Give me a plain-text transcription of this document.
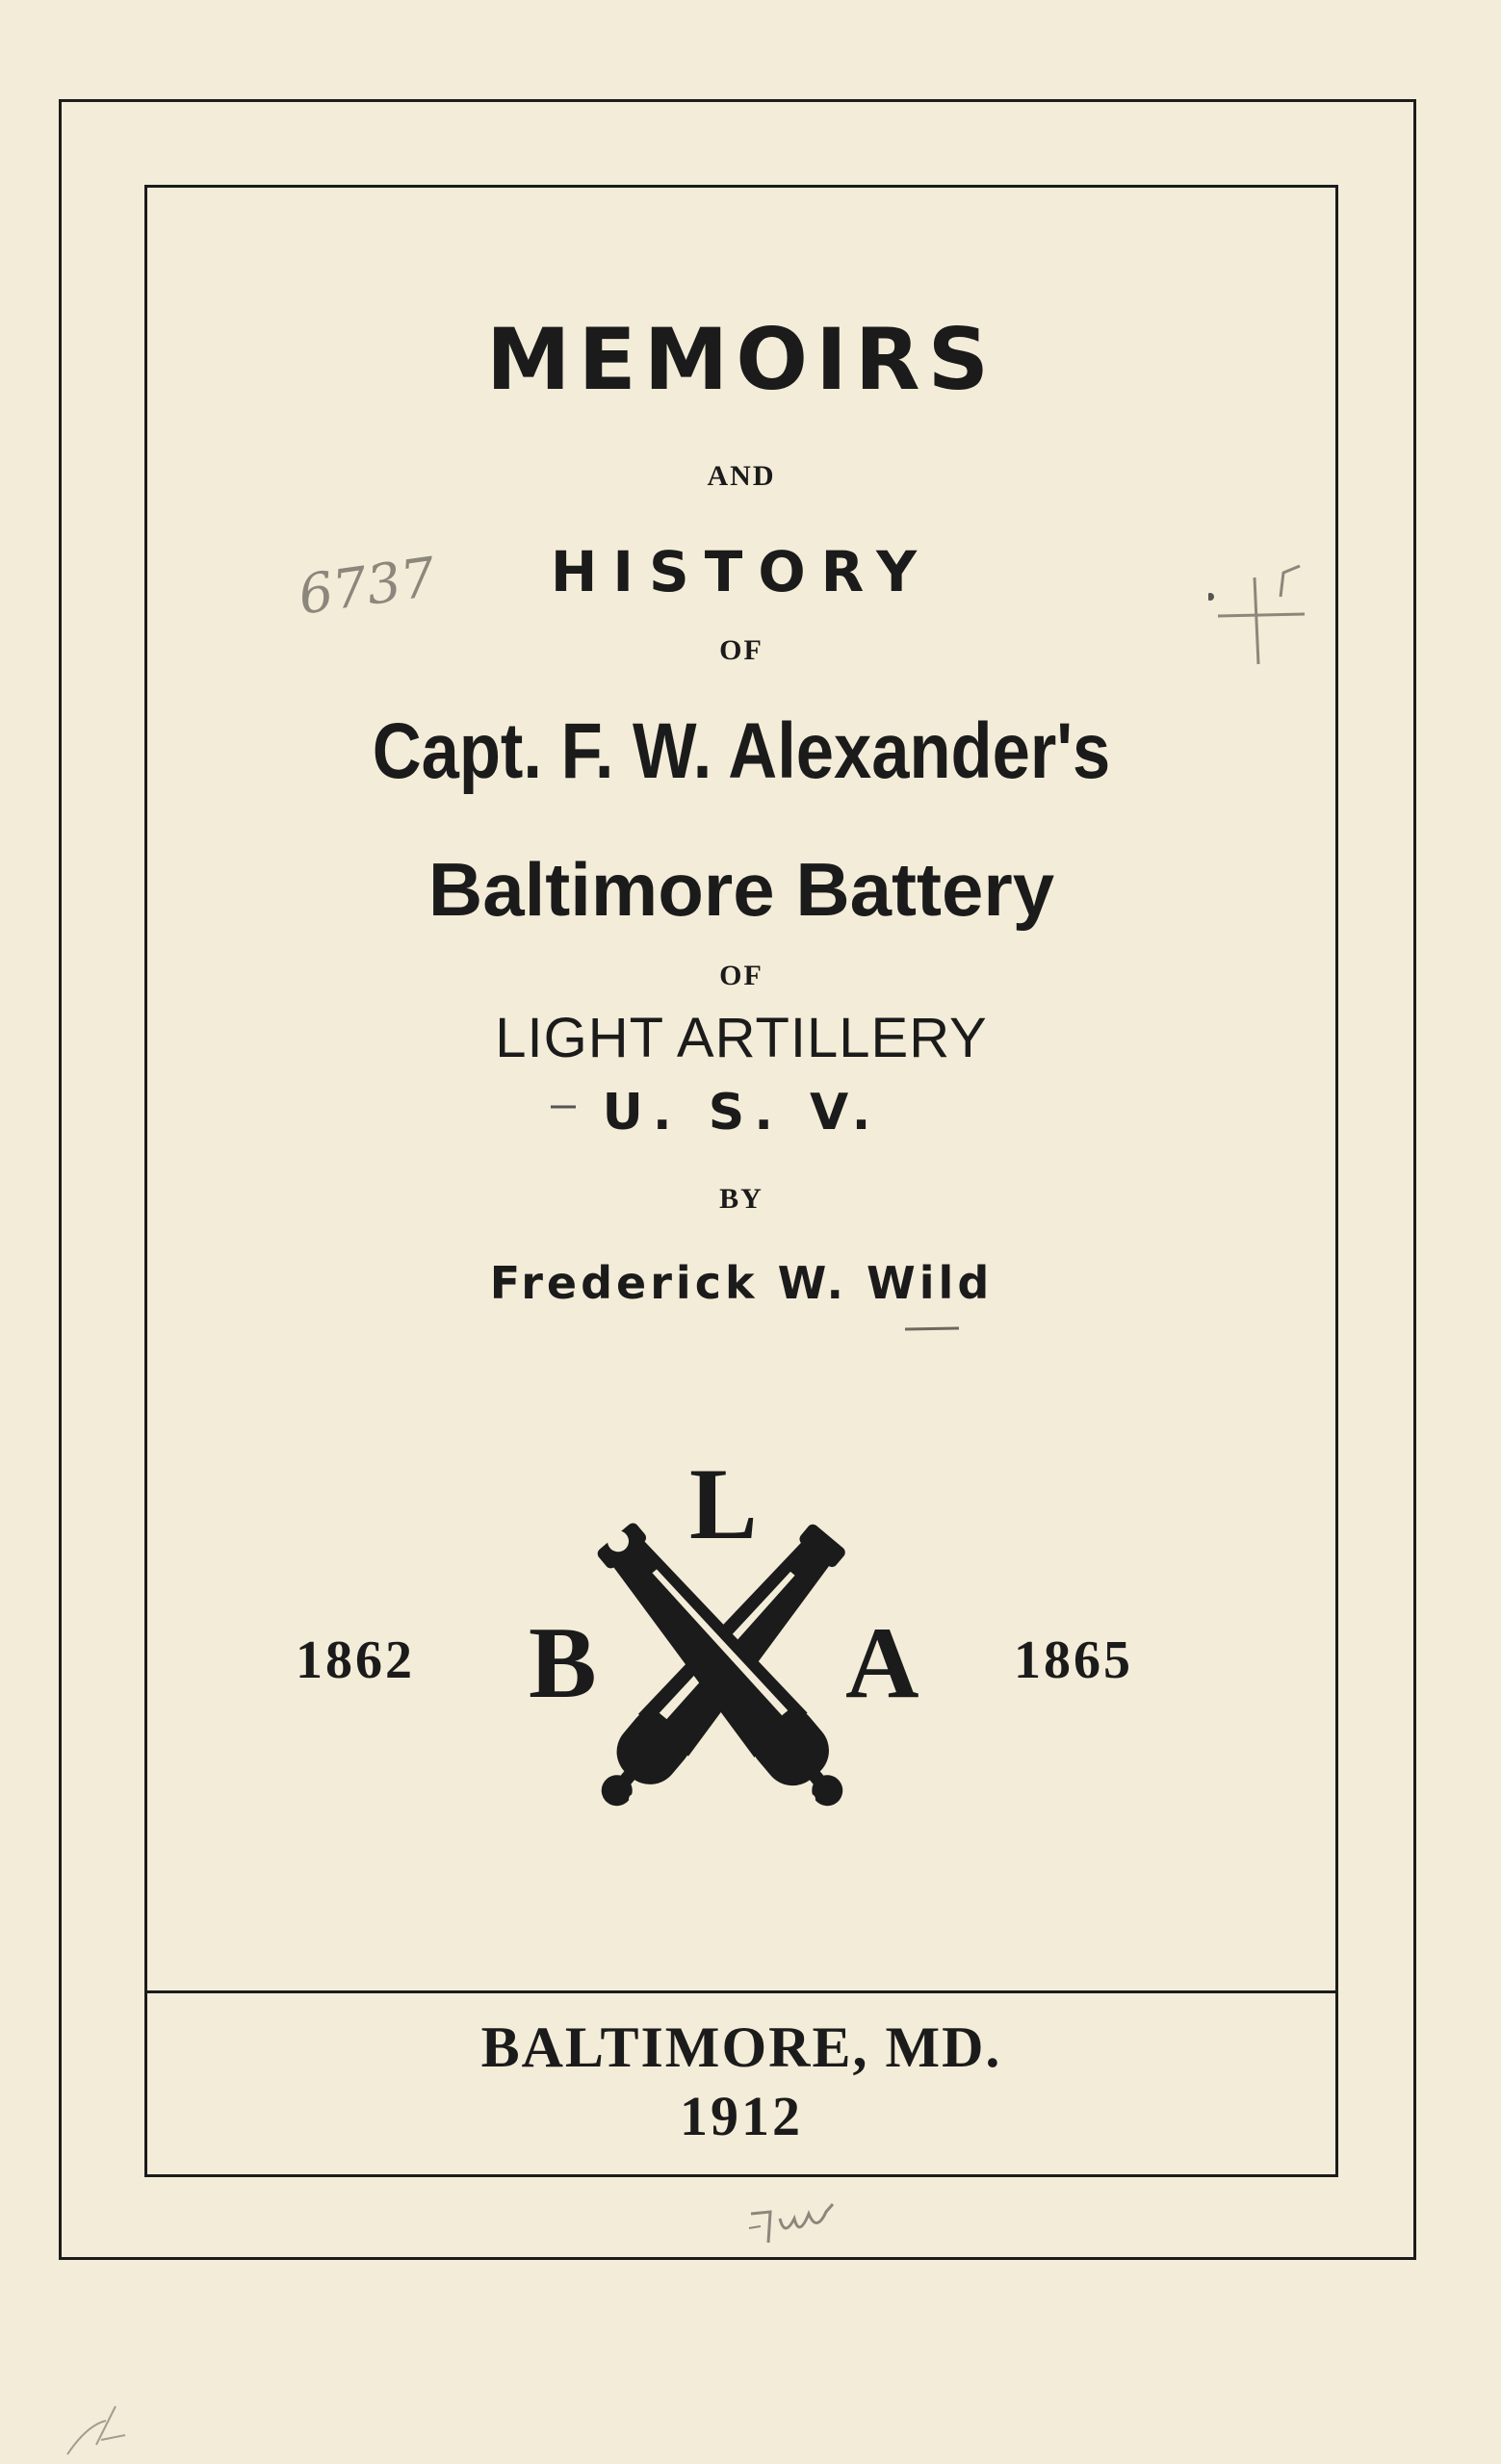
MEMOIRS
AND
HISTORY
OF
Capt. F. W. Alexander's
Baltimore Battery
OF
LIGHT ARTILLERY
U. S. V.
BY
Frederick W. Wild
L
B A
1862	1865
BALTIMORE, MD.
1912
6737
